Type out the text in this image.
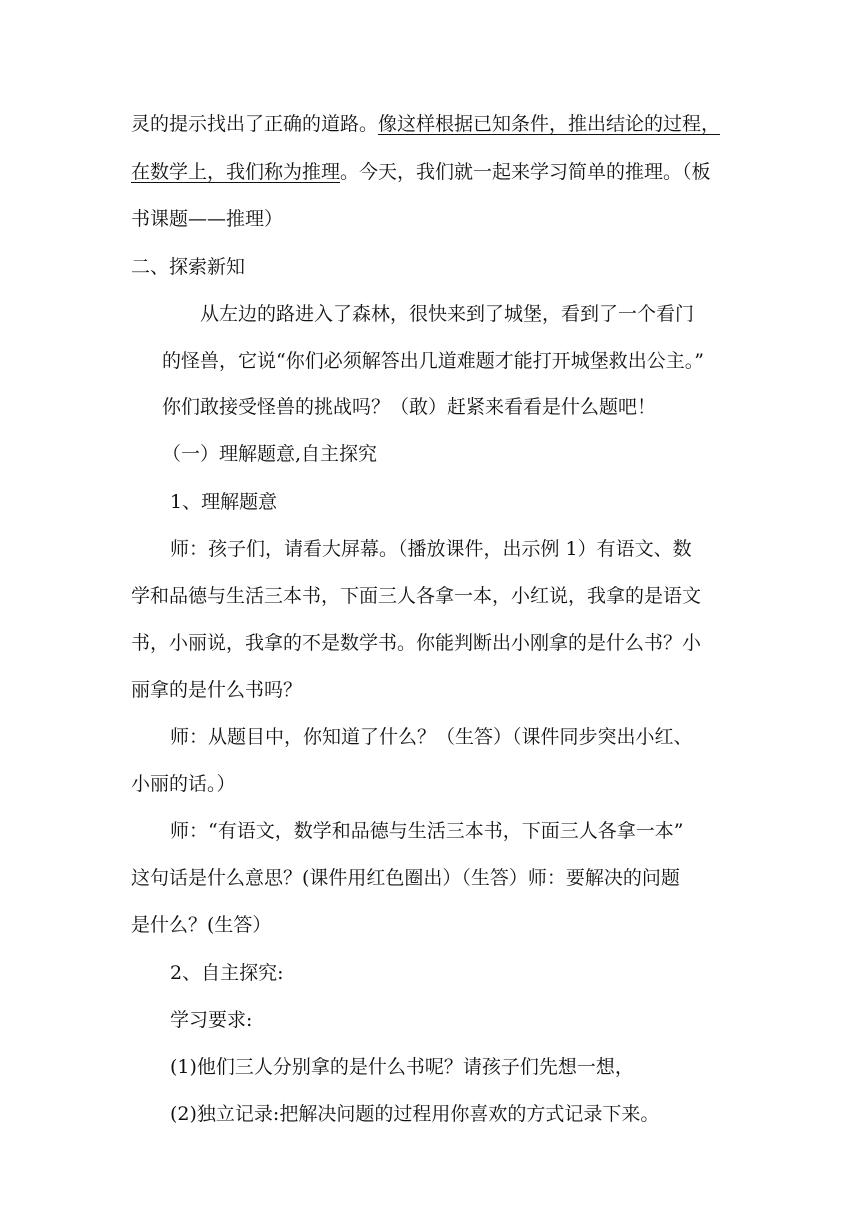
灵的提示找出了正确的道路。像这样根据已知条件，推出结论的过程，
在数学上，我们称为推理。今天，我们就一起来学习简单的推理。（板
书课题——推理）
二、探索新知
从左边的路进入了森林，很快来到了城堡，看到了一个看门
的怪兽，它说“你们必须解答出几道难题才能打开城堡救出公主。”
你们敢接受怪兽的挑战吗？（敢）赶紧来看看是什么题吧！
（一）理解题意,自主探究
1、理解题意
师：孩子们，请看大屏幕。（播放课件，出示例 1）有语文、数
学和品德与生活三本书，下面三人各拿一本，小红说，我拿的是语文
书，小丽说，我拿的不是数学书。你能判断出小刚拿的是什么书？小
丽拿的是什么书吗？
师：从题目中，你知道了什么？（生答）（课件同步突出小红、
小丽的话。）
师：“有语文，数学和品德与生活三本书，下面三人各拿一本”
这句话是什么意思？(课件用红色圈出）（生答）师：要解决的问题
是什么？(生答）
2、自主探究:
学习要求:
(1)他们三人分别拿的是什么书呢？请孩子们先想一想，
(2)独立记录:把解决问题的过程用你喜欢的方式记录下来。
